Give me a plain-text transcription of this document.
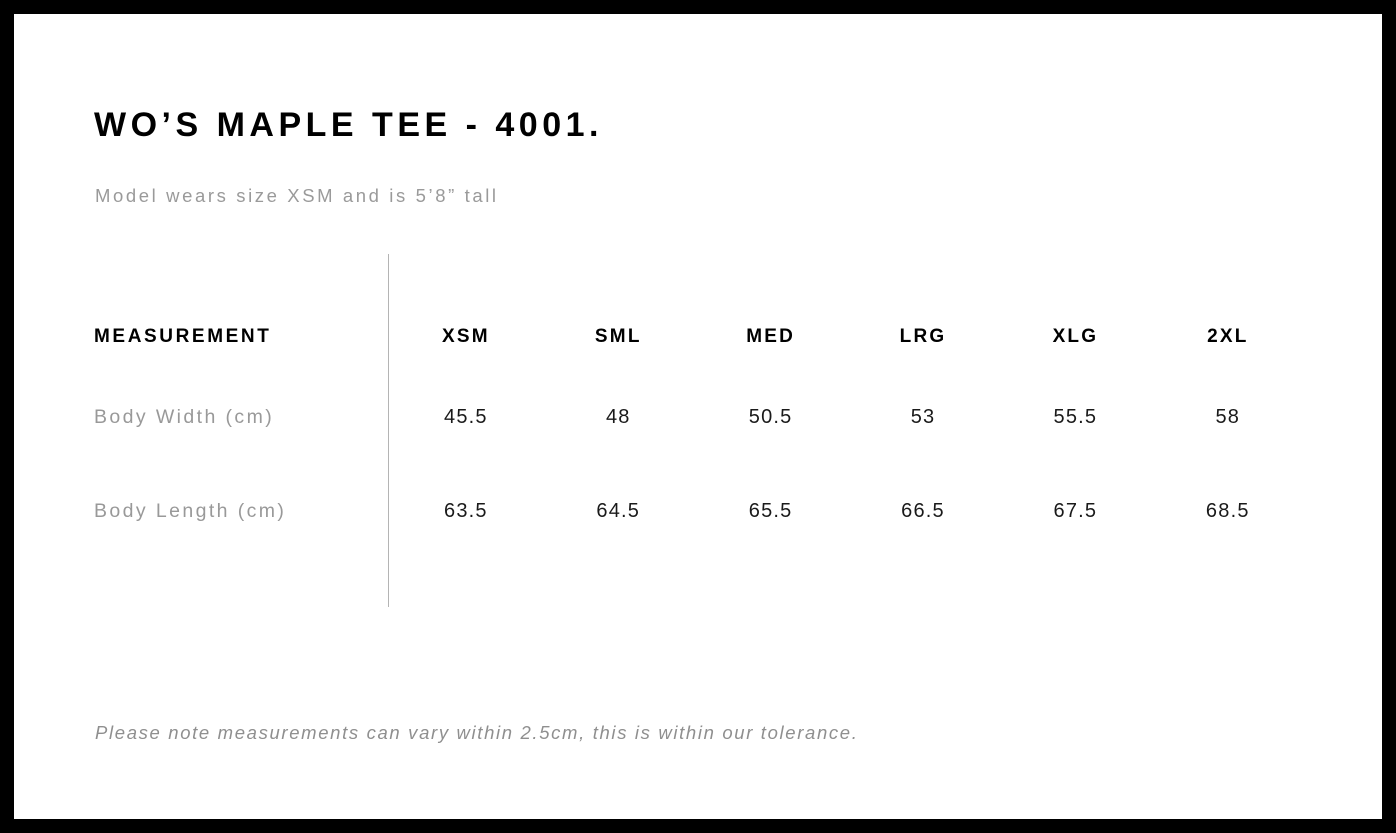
WO’S MAPLE TEE - 4001.
Model wears size XSM and is 5’8” tall
MEASUREMENT	XSM	SML	MED	LRG	XLG	2XL
Body Width (cm)	45.5	48	50.5	53	55.5	58
Body Length (cm)	63.5	64.5	65.5	66.5	67.5	68.5
Please note measurements can vary within 2.5cm, this is within our tolerance.
